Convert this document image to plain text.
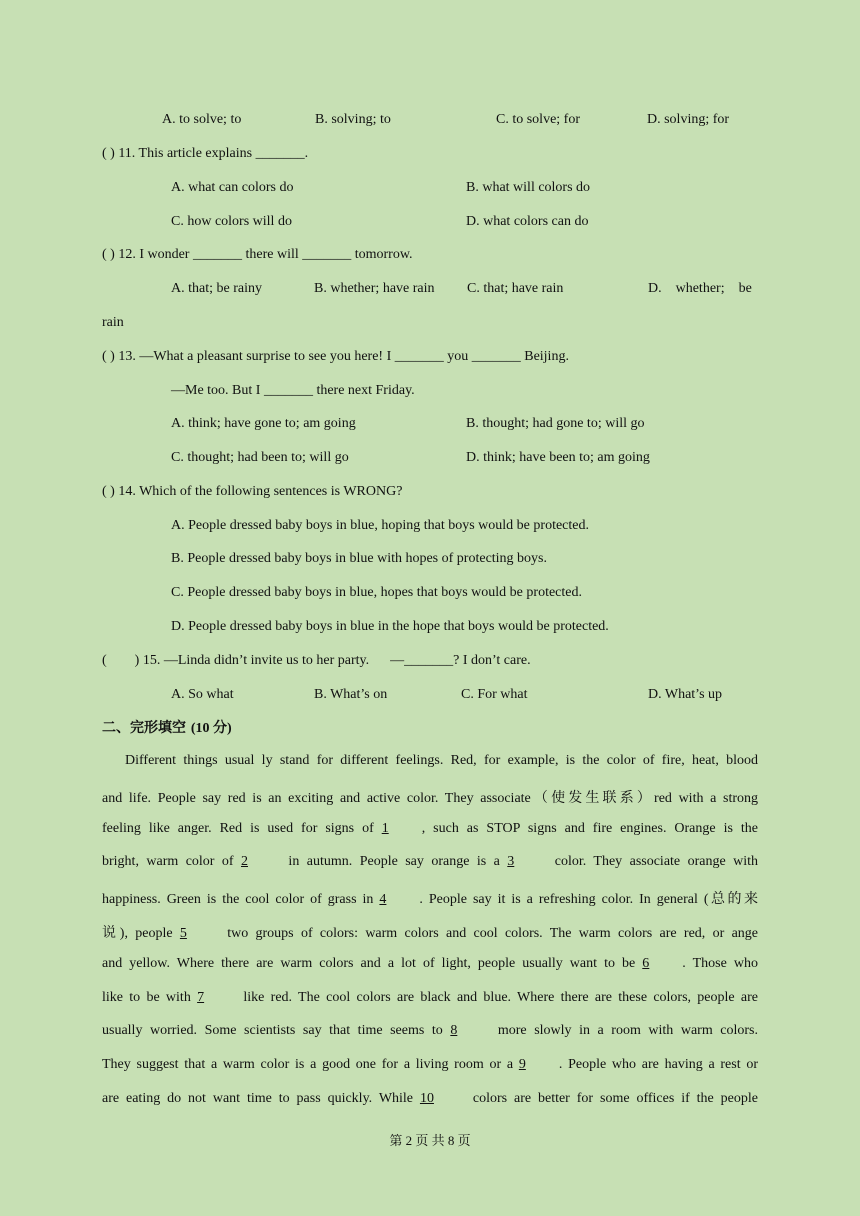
A. to solve; to	B. solving; to	C. to solve; for	D. solving; for
( ) 11. This article explains _______.
A. what can colors do	B. what will colors do
C. how colors will do	D. what colors can do
( ) 12. I wonder _______ there will _______ tomorrow.
A. that; be rainy	B. whether; have rain C. that; have rain	D.    whether;    be
rain
( ) 13. —What a pleasant surprise to see you here! I _______ you _______ Beijing.
—Me too. But I _______ there next Friday.
A. think; have gone to; am going	B. thought; had gone to; will go
C. thought; had been to; will go	D. think; have been to; am going
( ) 14. Which of the following sentences is WRONG?
A. People dressed baby boys in blue, hoping that boys would be protected.
B. People dressed baby boys in blue with hopes of protecting boys.
C. People dressed baby boys in blue, hopes that boys would be protected.
D. People dressed baby boys in blue in the hope that boys would be protected.
(        ) 15. —Linda didn’t invite us to her party.      —_______? I don’t care.
A. So what	B. What’s on	C. For what	D. What’s up
二、完形填空 (10 分)
Different things usual ly stand for different feelings. Red, for example, is the color of fire, heat, blood
and life. People say red is an exciting and active color. They associate（使发生联系）red with a strong
feeling like anger. Red is used for signs of 1 , such as STOP signs and fire engines. Orange is the
bright, warm color of 2 in autumn. People say orange is a 3 color. They associate orange with
happiness. Green is the cool color of grass in 4 . People say it is a refreshing color. In general (总的来
说), people 5 two groups of colors: warm colors and cool colors. The warm colors are red, or ange
and yellow. Where there are warm colors and a lot of light, people usually want to be 6 . Those who
like to be with 7 like red. The cool colors are black and blue. Where there are these colors, people are
usually worried. Some scientists say that time seems to 8 more slowly in a room with warm colors.
They suggest that a warm color is a good one for a living room or a 9 . People who are having a rest or
are eating do not want time to pass quickly. While 10 colors are better for some offices if the people
第 2 页 共 8 页
